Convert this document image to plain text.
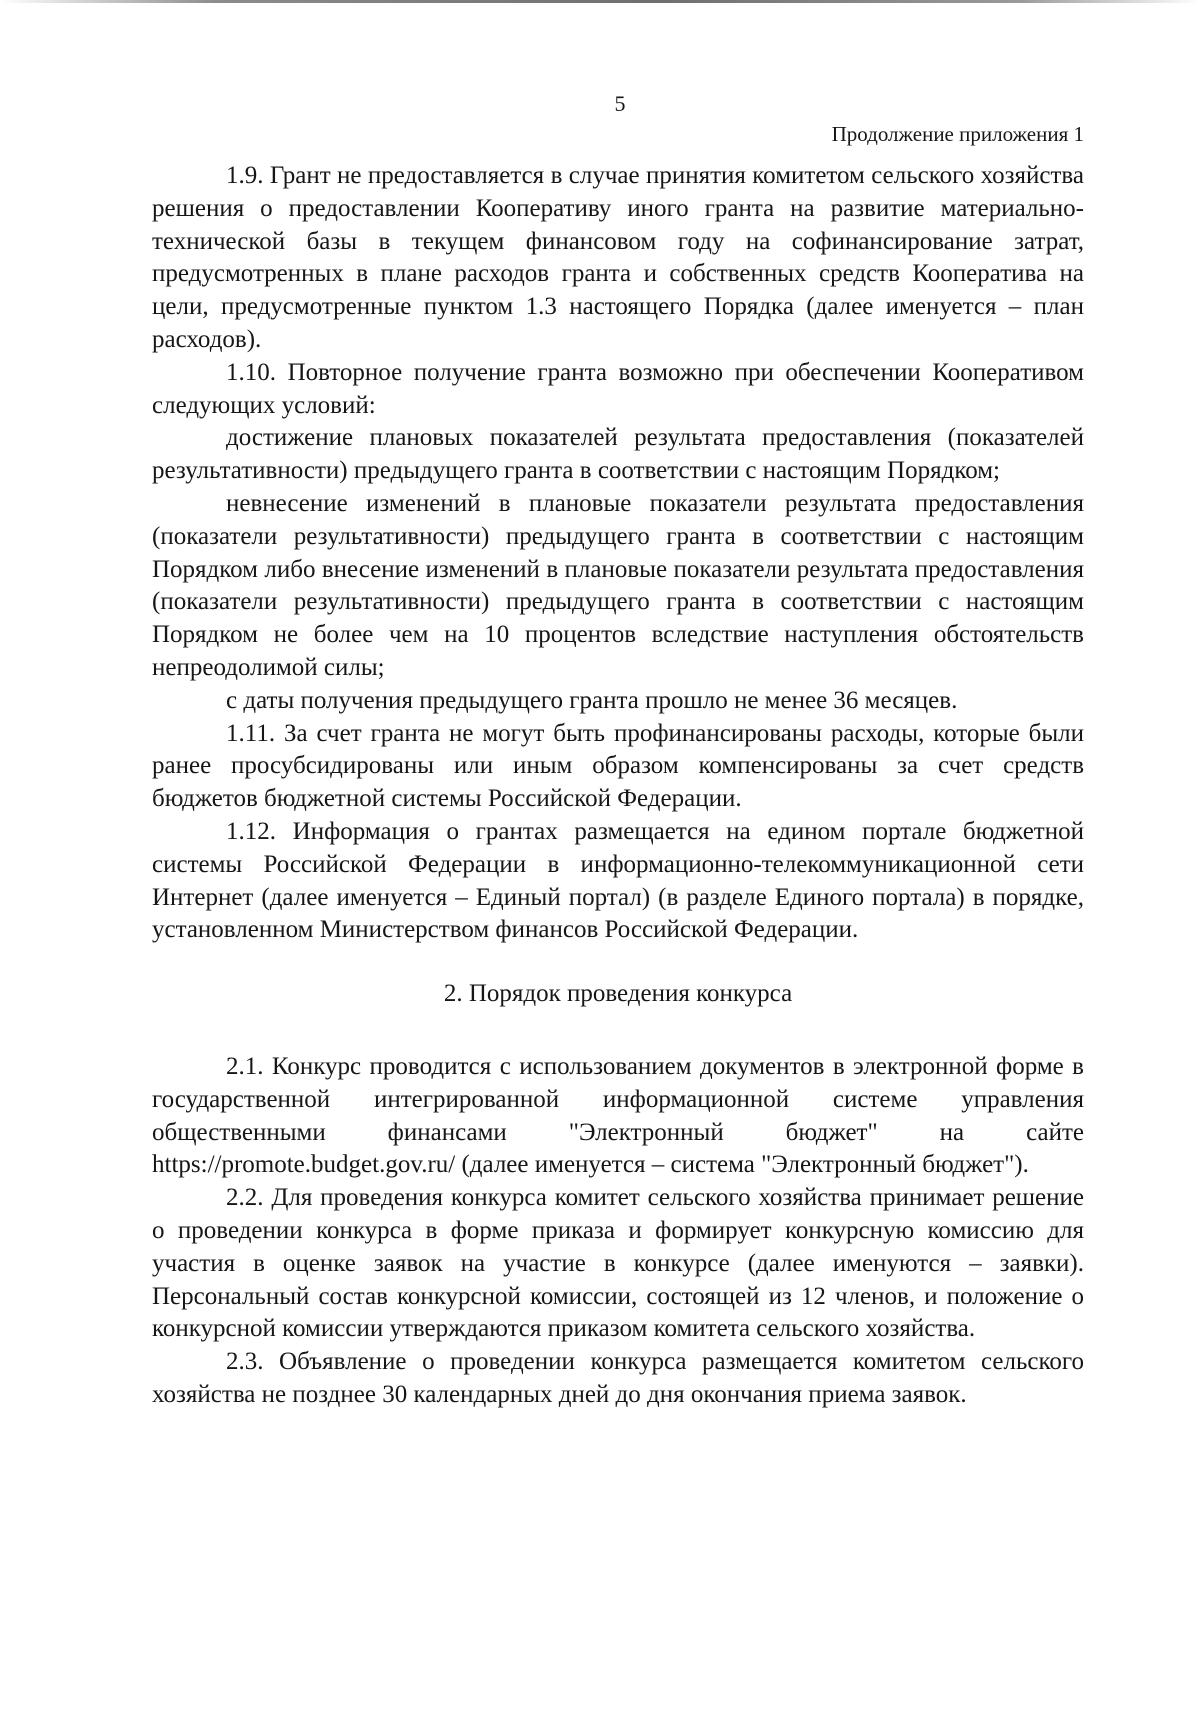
5
Продолжение приложения 1

1.9. Грант не предоставляется в случае принятия комитетом сельского хозяйства решения о предоставлении Кооперативу иного гранта на развитие материально-технической базы в текущем финансовом году на софинансирование затрат, предусмотренных в плане расходов гранта и собственных средств Кооператива на цели, предусмотренные пунктом 1.3 настоящего Порядка (далее именуется – план расходов).

1.10. Повторное получение гранта возможно при обеспечении Кооперативом следующих условий:

достижение плановых показателей результата предоставления (показателей результативности) предыдущего гранта в соответствии с настоящим Порядком;

невнесение изменений в плановые показатели результата предоставления (показатели результативности) предыдущего гранта в соответствии с настоящим Порядком либо внесение изменений в плановые показатели результата предоставления (показатели результативности) предыдущего гранта в соответствии с настоящим Порядком не более чем на 10 процентов вследствие наступления обстоятельств непреодолимой силы;

с даты получения предыдущего гранта прошло не менее 36 месяцев.

1.11. За счет гранта не могут быть профинансированы расходы, которые были ранее просубсидированы или иным образом компенсированы за счет средств бюджетов бюджетной системы Российской Федерации.

1.12. Информация о грантах размещается на едином портале бюджетной системы Российской Федерации в информационно-телекоммуникационной сети Интернет (далее именуется – Единый портал) (в разделе Единого портала) в порядке, установленном Министерством финансов Российской Федерации.

2. Порядок проведения конкурса

2.1. Конкурс проводится с использованием документов в электронной форме в государственной интегрированной информационной системе управления общественными финансами "Электронный бюджет" на сайте https://promote.budget.gov.ru/ (далее именуется – система "Электронный бюджет").

2.2. Для проведения конкурса комитет сельского хозяйства принимает решение о проведении конкурса в форме приказа и формирует конкурсную комиссию для участия в оценке заявок на участие в конкурсе (далее именуются – заявки). Персональный состав конкурсной комиссии, состоящей из 12 членов, и положение о конкурсной комиссии утверждаются приказом комитета сельского хозяйства.

2.3. Объявление о проведении конкурса размещается комитетом сельского хозяйства не позднее 30 календарных дней до дня окончания приема заявок.
